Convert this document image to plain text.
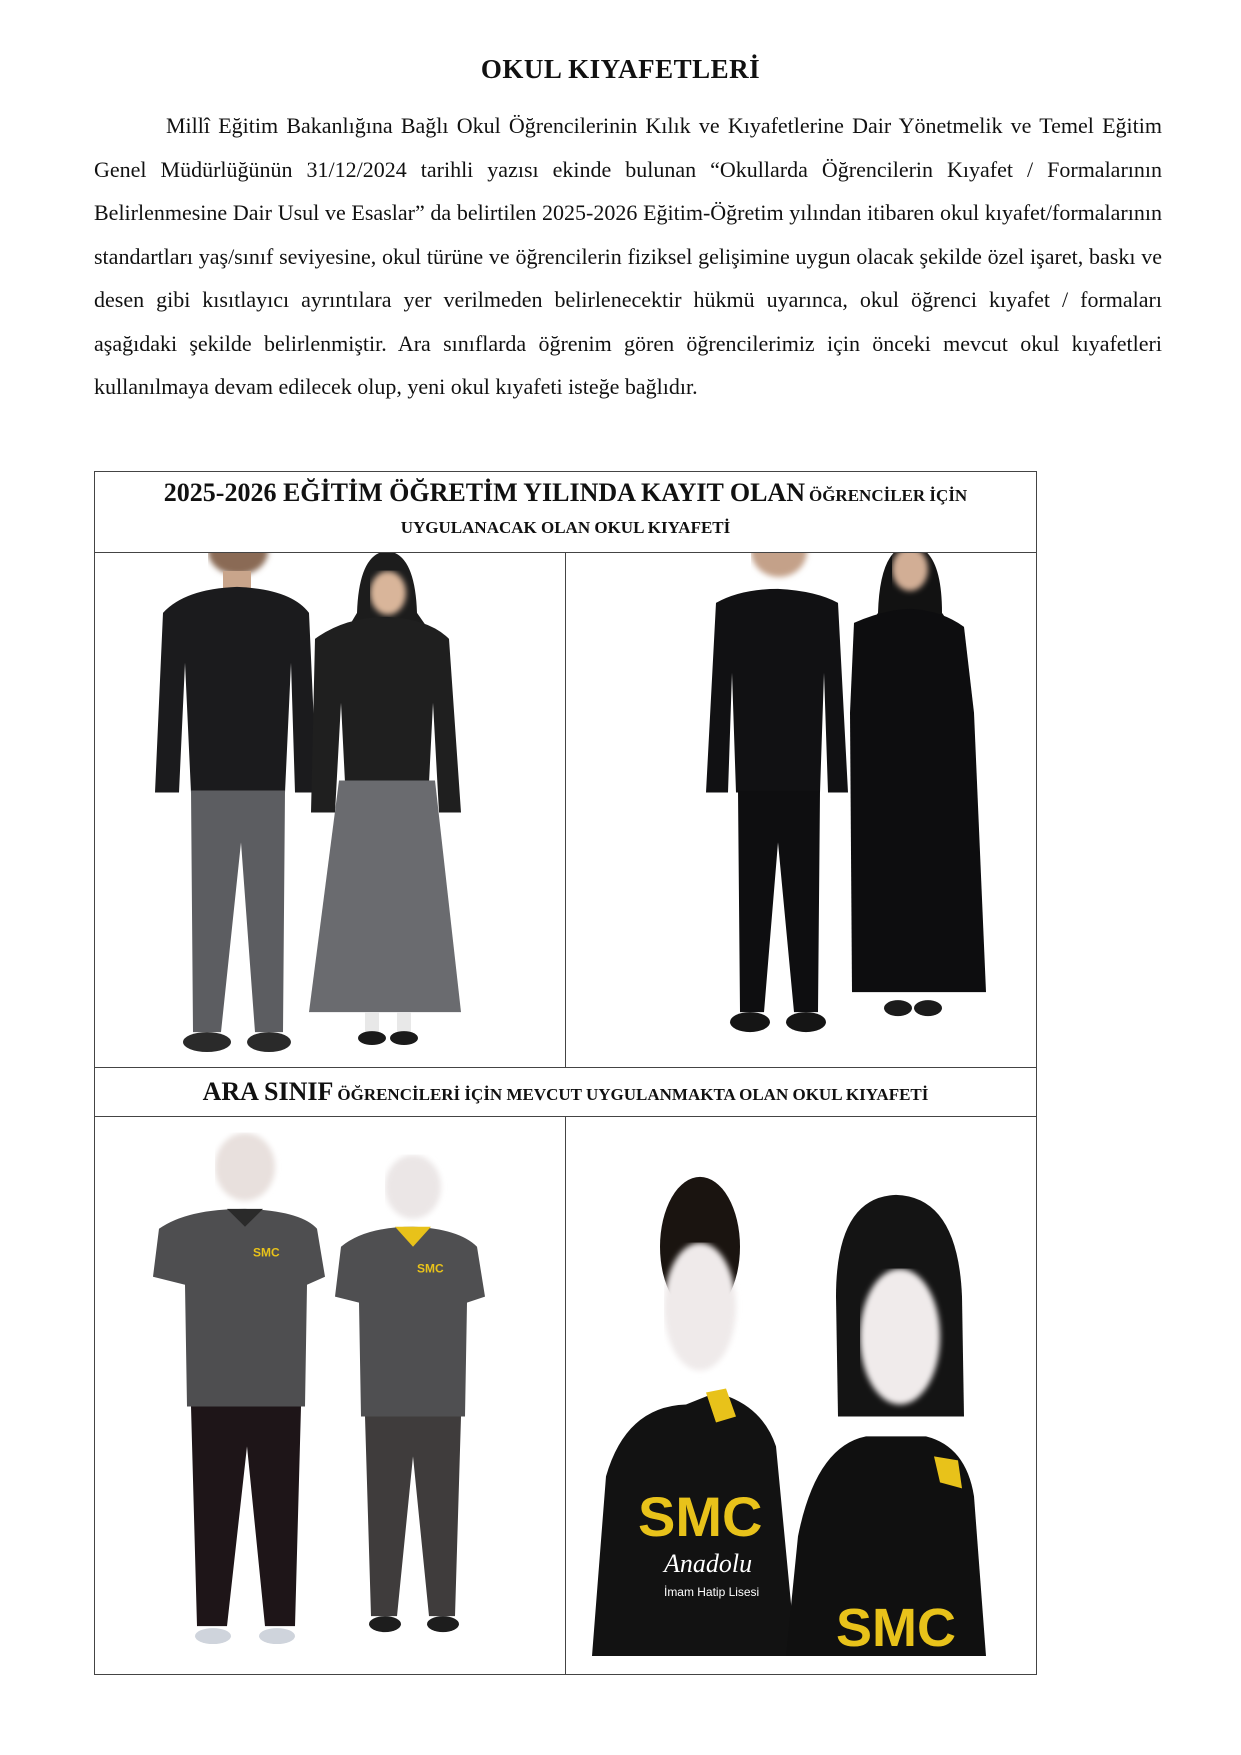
OKUL KIYAFETLERİ
Millî Eğitim Bakanlığına Bağlı Okul Öğrencilerinin Kılık ve Kıyafetlerine Dair Yönetmelik ve Temel Eğitim Genel Müdürlüğünün 31/12/2024 tarihli yazısı ekinde bulunan “Okullarda Öğrencilerin Kıyafet / Formalarının Belirlenmesine Dair Usul ve Esaslar” da belirtilen 2025-2026 Eğitim-Öğretim yılından itibaren okul kıyafet/formalarının standartları yaş/sınıf seviyesine, okul türüne ve öğrencilerin fiziksel gelişimine uygun olacak şekilde özel işaret, baskı ve desen gibi kısıtlayıcı ayrıntılara yer verilmeden belirlenecektir hükmü uyarınca, okul öğrenci kıyafet / formaları aşağıdaki şekilde belirlenmiştir. Ara sınıflarda öğrenim gören öğrencilerimiz için önceki mevcut okul kıyafetleri kullanılmaya devam edilecek olup, yeni okul kıyafeti isteğe bağlıdır.
2025-2026 EĞİTİM ÖĞRETİM YILINDA KAYIT OLAN ÖĞRENCİLER İÇİN
UYGULANACAK OLAN OKUL KIYAFETİ	

ARA SINIF ÖĞRENCİLERİ İÇİN MEVCUT UYGULANMAKTA OLAN OKUL KIYAFETİ	

SMC
SMC	SMC
Anadolu
İmam Hatip Lisesi
SMC
